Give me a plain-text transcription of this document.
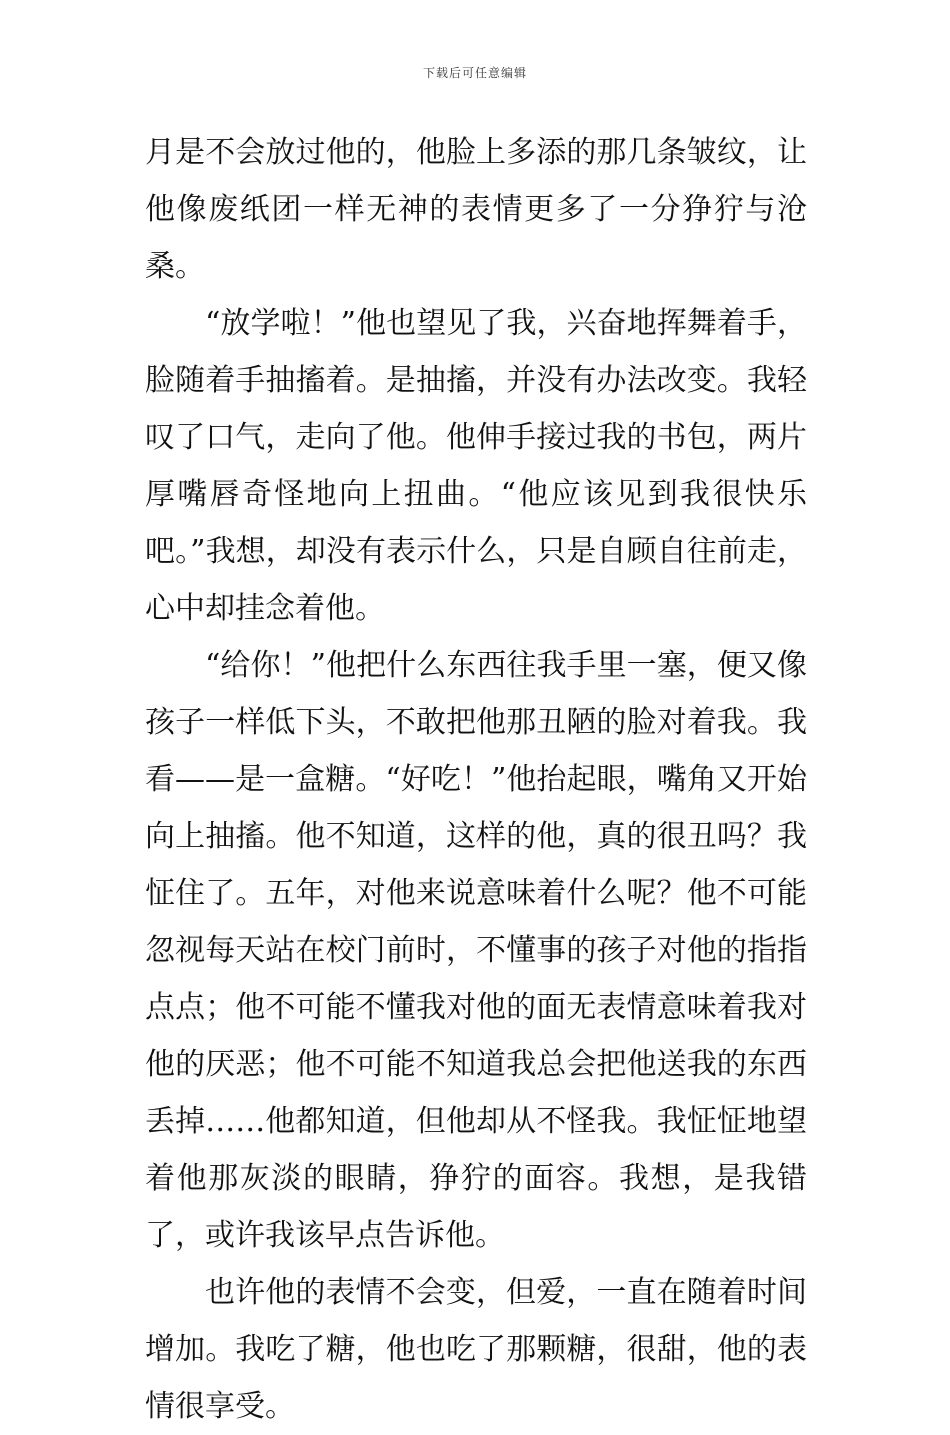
下载后可任意编辑

月是不会放过他的，他脸上多添的那几条皱纹，让他像废纸团一样无神的表情更多了一分狰狞与沧桑。

“放学啦！”他也望见了我，兴奋地挥舞着手，脸随着手抽搐着。是抽搐，并没有办法改变。我轻叹了口气，走向了他。他伸手接过我的书包，两片厚嘴唇奇怪地向上扭曲。“他应该见到我很快乐吧。”我想，却没有表示什么，只是自顾自往前走，心中却挂念着他。

“给你！”他把什么东西往我手里一塞，便又像孩子一样低下头，不敢把他那丑陋的脸对着我。我看——是一盒糖。“好吃！”他抬起眼，嘴角又开始向上抽搐。他不知道，这样的他，真的很丑吗？我怔住了。五年，对他来说意味着什么呢？他不可能忽视每天站在校门前时，不懂事的孩子对他的指指点点；他不可能不懂我对他的面无表情意味着我对他的厌恶；他不可能不知道我总会把他送我的东西丢掉……他都知道，但他却从不怪我。我怔怔地望着他那灰淡的眼睛，狰狞的面容。我想，是我错了，或许我该早点告诉他。

也许他的表情不会变，但爱，一直在随着时间增加。我吃了糖，他也吃了那颗糖，很甜，他的表情很享受。
